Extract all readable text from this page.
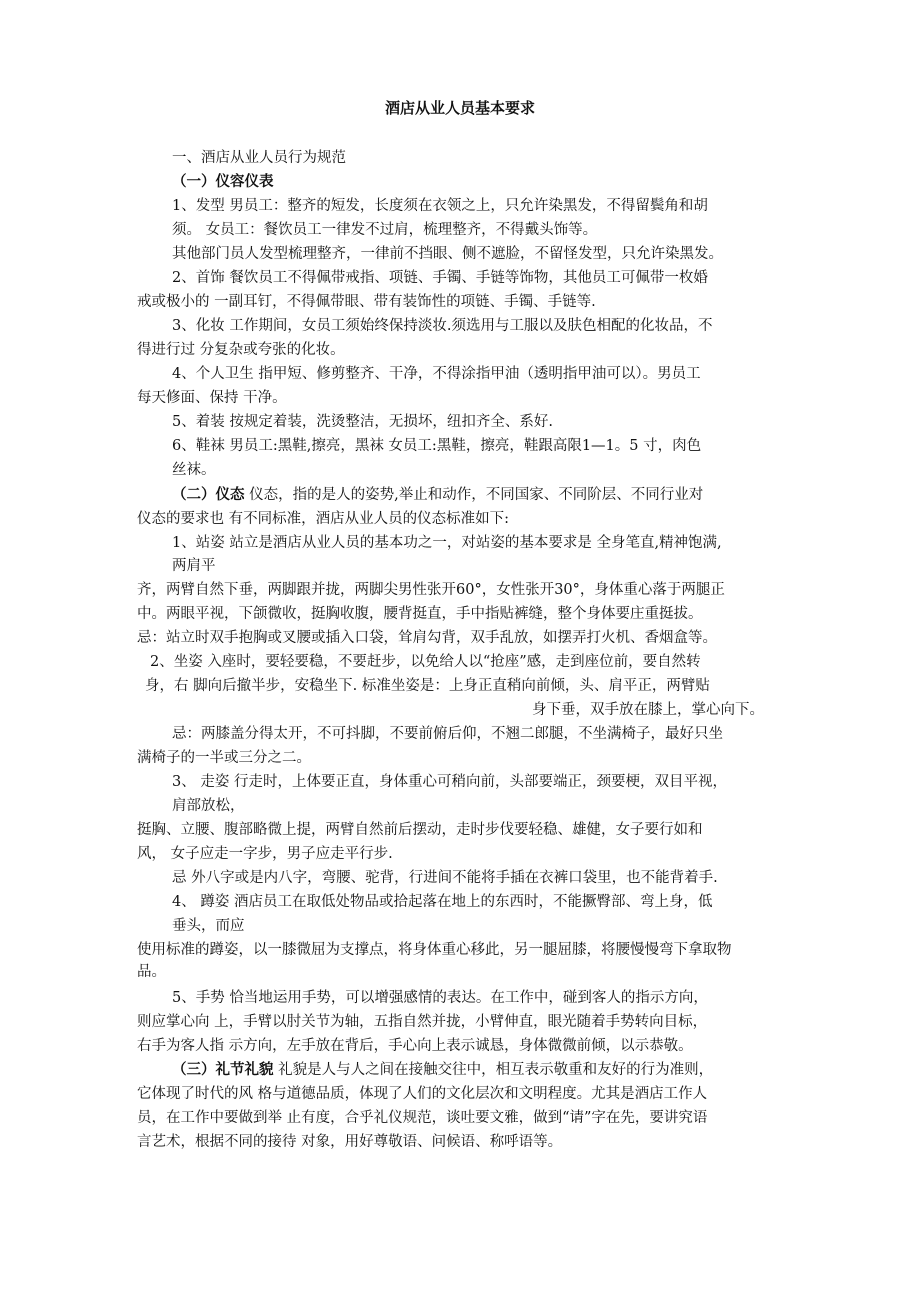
酒店从业人员基本要求

一、酒店从业人员行为规范

（一）仪容仪表

1、发型 男员工：整齐的短发，长度须在衣领之上，只允许染黑发，不得留鬓角和胡

须。 女员工：餐饮员工一律发不过肩，梳理整齐，不得戴头饰等。

其他部门员人发型梳理整齐，一律前不挡眼、侧不遮脸，不留怪发型，只允许染黑发。

2、首饰 餐饮员工不得佩带戒指、项链、手镯、手链等饰物，其他员工可佩带一枚婚

戒或极小的 一副耳钉，不得佩带眼、带有装饰性的项链、手镯、手链等.

3、化妆 工作期间，女员工须始终保持淡妆.须选用与工服以及肤色相配的化妆品，不

得进行过 分复杂或夸张的化妆。

4、个人卫生 指甲短、修剪整齐、干净，不得涂指甲油（透明指甲油可以）。男员工

每天修面、保持 干净。

5、着装 按规定着装，洗烫整洁，无损坏，纽扣齐全、系好.

6、鞋袜 男员工:黑鞋,擦亮，黑袜 女员工:黑鞋，擦亮，鞋跟高限1—1。5 寸，肉色

丝袜。

（二）仪态 仪态，指的是人的姿势,举止和动作，不同国家、不同阶层、不同行业对

仪态的要求也 有不同标准，酒店从业人员的仪态标准如下:

1、站姿 站立是酒店从业人员的基本功之一，对站姿的基本要求是 全身笔直,精神饱满,

两肩平

齐，两臂自然下垂，两脚跟并拢，两脚尖男性张开60°，女性张开30°，身体重心落于两腿正

中。两眼平视，下颌微收，挺胸收腹，腰背挺直，手中指贴裤缝，整个身体要庄重挺拔。

忌：站立时双手抱胸或叉腰或插入口袋，耸肩勾背，双手乱放，如摆弄打火机、香烟盒等。

2、坐姿 入座时，要轻要稳，不要赶步，以免给人以“抢座”感，走到座位前，要自然转

身，右 脚向后撤半步，安稳坐下. 标准坐姿是：上身正直稍向前倾，头、肩平正，两臂贴

身下垂，双手放在膝上，掌心向下。

忌：两膝盖分得太开，不可抖脚，不要前俯后仰，不翘二郎腿，不坐满椅子，最好只坐

满椅子的一半或三分之二。

3、 走姿 行走时，上体要正直，身体重心可稍向前，头部要端正，颈要梗，双目平视，

肩部放松，

挺胸、立腰、腹部略微上提，两臂自然前后摆动，走时步伐要轻稳、雄健，女子要行如和

风， 女子应走一字步，男子应走平行步.

忌 外八字或是内八字，弯腰、驼背，行进间不能将手插在衣裤口袋里，也不能背着手.

4、 蹲姿 酒店员工在取低处物品或拾起落在地上的东西时，不能撅臀部、弯上身，低

垂头，而应

使用标准的蹲姿，以一膝微屈为支撑点，将身体重心移此，另一腿屈膝，将腰慢慢弯下拿取物

品。

5、手势 恰当地运用手势，可以增强感情的表达。在工作中，碰到客人的指示方向，

则应掌心向 上，手臂以肘关节为轴，五指自然并拢，小臂伸直，眼光随着手势转向目标，

右手为客人指 示方向，左手放在背后，手心向上表示诚恳，身体微微前倾，以示恭敬。

（三）礼节礼貌 礼貌是人与人之间在接触交往中，相互表示敬重和友好的行为准则，

它体现了时代的风 格与道德品质，体现了人们的文化层次和文明程度。尤其是酒店工作人

员，在工作中要做到举 止有度，合乎礼仪规范，谈吐要文雅，做到“请”字在先，要讲究语

言艺术，根据不同的接待 对象，用好尊敬语、问候语、称呼语等。
